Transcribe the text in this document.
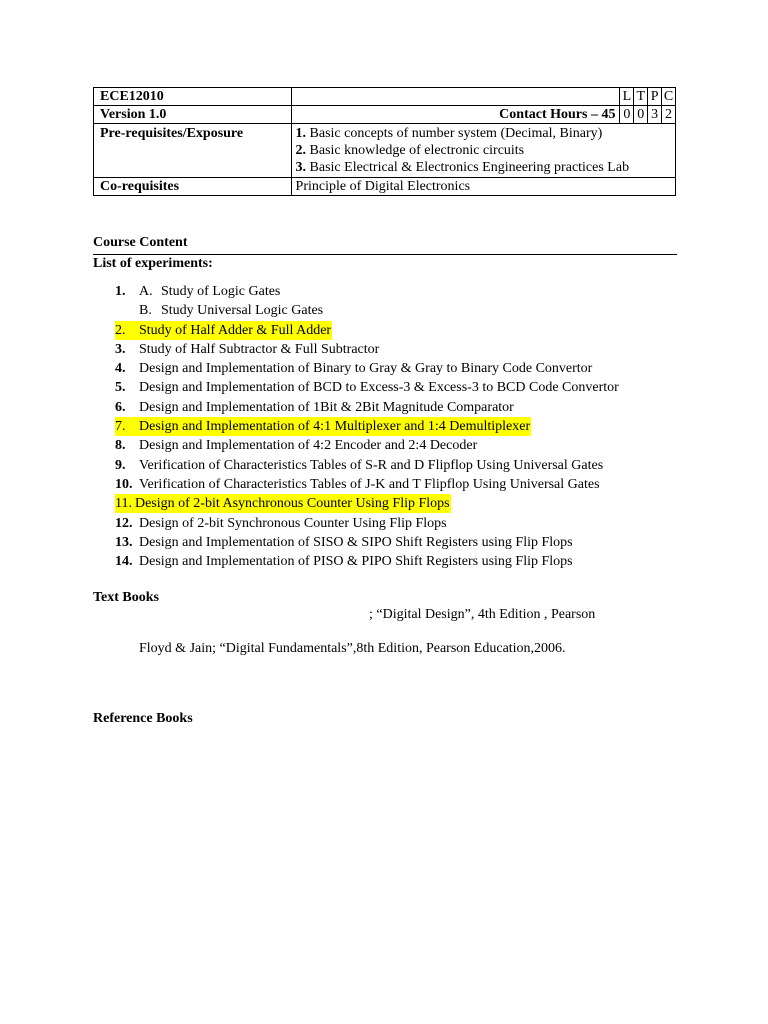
ECE12010		L	T	P	C
Version 1.0	Contact Hours – 45	0	0	3	2
Pre-requisites/Exposure	1. Basic concepts of number system (Decimal, Binary)
2. Basic knowledge of electronic circuits
3. Basic Electrical & Electronics Engineering practices Lab				

Co-requisites	Principle of Digital Electronics				
Course Content
List of experiments:
1. A. Study of Logic Gates
B. Study Universal Logic Gates
2. Study of Half Adder & Full Adder
3. Study of Half Subtractor & Full Subtractor
4. Design and Implementation of Binary to Gray & Gray to Binary Code Convertor
5. Design and Implementation of BCD to Excess-3 & Excess-3 to BCD Code Convertor
6. Design and Implementation of 1Bit & 2Bit Magnitude Comparator
7. Design and Implementation of 4:1 Multiplexer and 1:4 Demultiplexer
8. Design and Implementation of 4:2 Encoder and 2:4 Decoder
9. Verification of Characteristics Tables of S-R and D Flipflop Using Universal Gates
10. Verification of Characteristics Tables of J-K and T Flipflop Using Universal Gates
11. Design of 2-bit Asynchronous Counter Using Flip Flops
12. Design of 2-bit Synchronous Counter Using Flip Flops
13. Design and Implementation of SISO & SIPO Shift Registers using Flip Flops
14. Design and Implementation of PISO & PIPO Shift Registers using Flip Flops
Text Books
; “Digital Design”, 4th Edition , Pearson
Floyd & Jain; “Digital Fundamentals”,8th Edition, Pearson Education,2006.
Reference Books
